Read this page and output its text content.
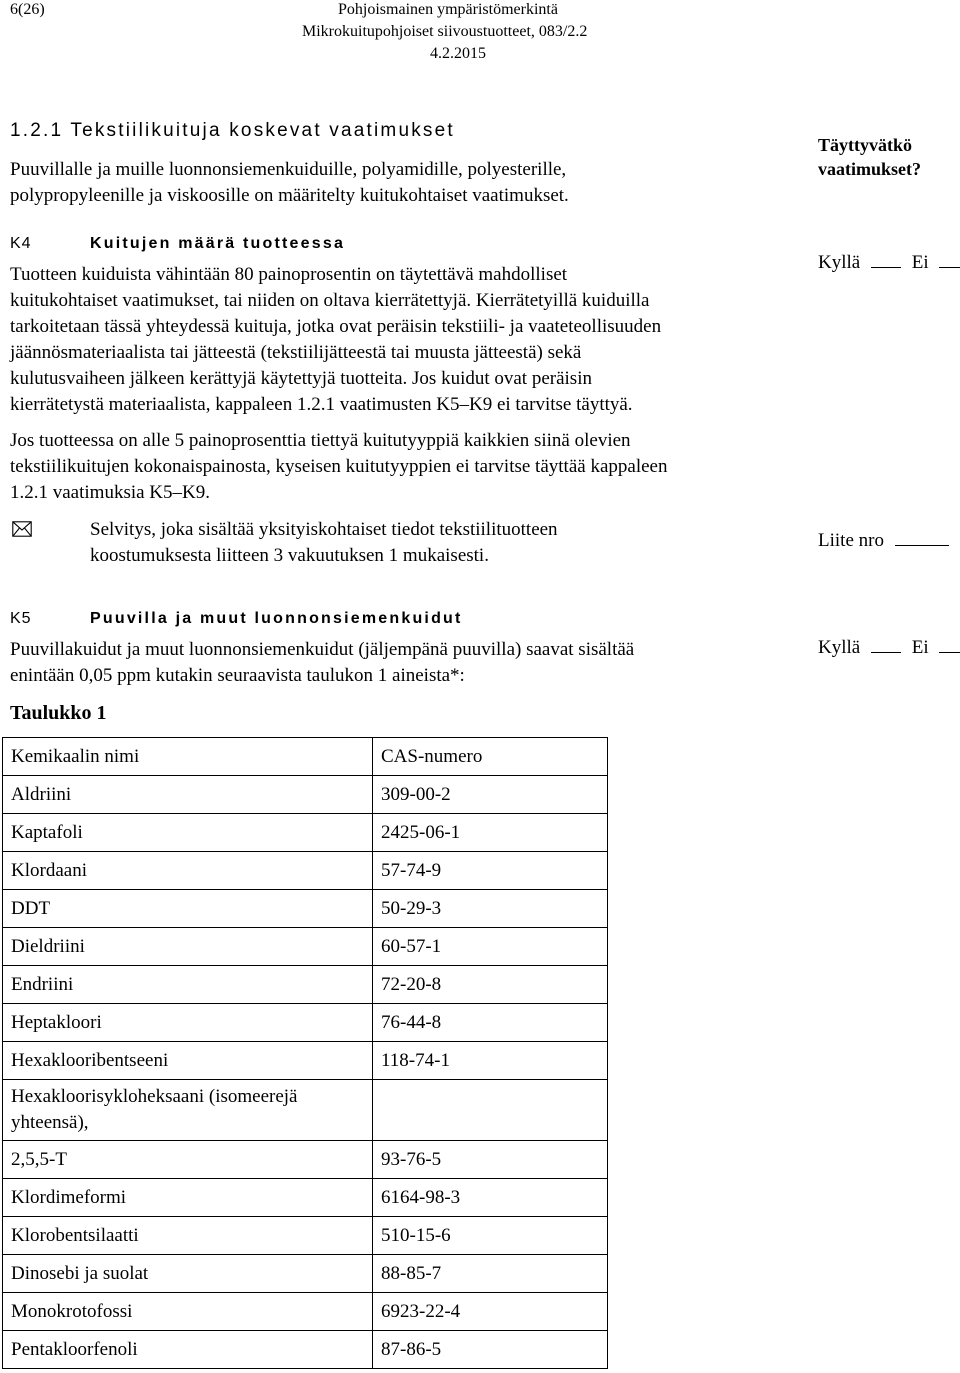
6(26)	Pohjoismainen ympäristömerkintä
Mikrokuitupohjoiset siivoustuotteet, 083/2.2
4.2.2015
1.2.1 Tekstiilikuituja koskevat vaatimukset
Puuvillalle ja muille luonnonsiemenkuiduille, polyamidille, polyesterille,
polypropyleenille ja viskoosille on määritelty kuitukohtaiset vaatimukset.
Täyttyvätkö
vaatimukset?
K4	Kuitujen määrä tuotteessa
Tuotteen kuiduista vähintään 80 painoprosentin on täytettävä mahdolliset
kuitukohtaiset vaatimukset, tai niiden on oltava kierrätettyjä. Kierrätetyillä kuiduilla
tarkoitetaan tässä yhteydessä kuituja, jotka ovat peräisin tekstiili- ja vaateteollisuuden
jäännösmateriaalista tai jätteestä (tekstiilijätteestä tai muusta jätteestä) sekä
kulutusvaiheen jälkeen kerättyjä käytettyjä tuotteita. Jos kuidut ovat peräisin
kierrätetystä materiaalista, kappaleen 1.2.1 vaatimusten K5–K9 ei tarvitse täyttyä.
Jos tuotteessa on alle 5 painoprosenttia tiettyä kuitutyyppiä kaikkien siinä olevien
tekstiilikuitujen kokonaispainosta, kyseisen kuitutyyppien ei tarvitse täyttää kappaleen
1.2.1 vaatimuksia K5–K9.
Selvitys, joka sisältää yksityiskohtaiset tiedot tekstiilituotteen
koostumuksesta liitteen 3 vakuutuksen 1 mukaisesti.
Kyllä	Ei
Liite nro
K5	Puuvilla ja muut luonnonsiemenkuidut
Puuvillakuidut ja muut luonnonsiemenkuidut (jäljempänä puuvilla) saavat sisältää
enintään 0,05 ppm kutakin seuraavista taulukon 1 aineista*:
Taulukko 1
Kyllä	Ei
Kemikaalin nimi	CAS-numero
Aldriini	309-00-2
Kaptafoli	2425-06-1
Klordaani	57-74-9
DDT	50-29-3
Dieldriini	60-57-1
Endriini	72-20-8
Heptakloori	76-44-8
Hexaklooribentseeni	118-74-1
Hexakloorisykloheksaani (isomeerejä yhteensä),	
2,5,5-T	93-76-5
Klordimeformi	6164-98-3
Klorobentsilaatti	510-15-6
Dinosebi ja suolat	88-85-7
Monokrotofossi	6923-22-4
Pentakloorfenoli	87-86-5
